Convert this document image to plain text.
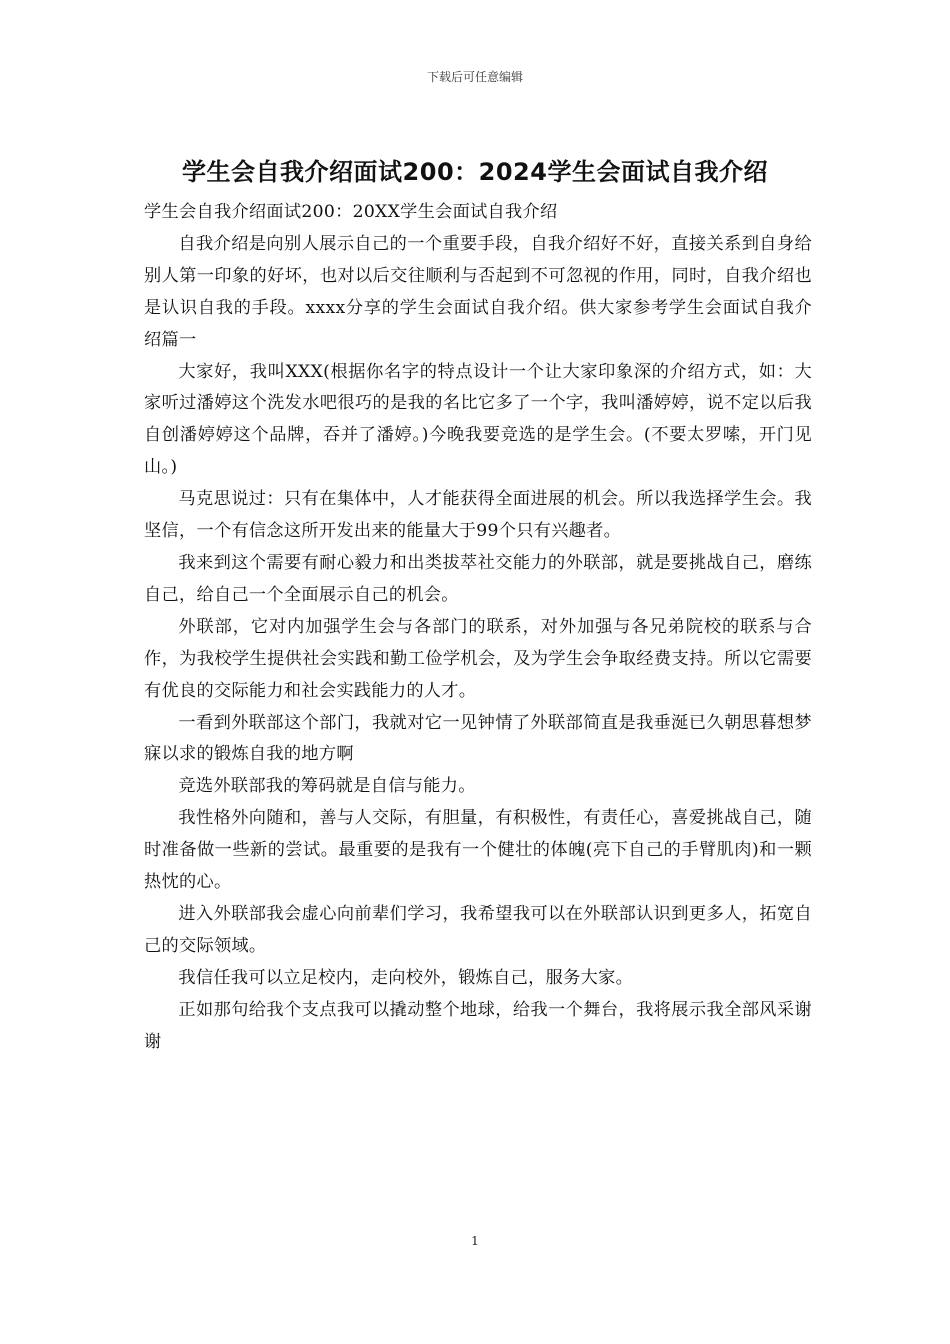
下载后可任意编辑
学生会自我介绍面试200：2024学生会面试自我介绍

学生会自我介绍面试200：20XX学生会面试自我介绍

自我介绍是向别人展示自己的一个重要手段，自我介绍好不好，直接关系到自身给别人第一印象的好坏，也对以后交往顺利与否起到不可忽视的作用，同时，自我介绍也是认识自我的手段。xxxx分享的学生会面试自我介绍。供大家参考学生会面试自我介绍篇一

大家好，我叫XXX(根据你名字的特点设计一个让大家印象深的介绍方式，如：大家听过潘婷这个洗发水吧很巧的是我的名比它多了一个字，我叫潘婷婷，说不定以后我自创潘婷婷这个品牌，吞并了潘婷。)今晚我要竞选的是学生会。(不要太罗嗦，开门见山。)

马克思说过：只有在集体中，人才能获得全面进展的机会。所以我选择学生会。我坚信，一个有信念这所开发出来的能量大于99个只有兴趣者。

我来到这个需要有耐心毅力和出类拔萃社交能力的外联部，就是要挑战自己，磨练自己，给自己一个全面展示自己的机会。

外联部，它对内加强学生会与各部门的联系，对外加强与各兄弟院校的联系与合作，为我校学生提供社会实践和勤工俭学机会，及为学生会争取经费支持。所以它需要有优良的交际能力和社会实践能力的人才。

一看到外联部这个部门，我就对它一见钟情了外联部简直是我垂涎已久朝思暮想梦寐以求的锻炼自我的地方啊

竞选外联部我的筹码就是自信与能力。

我性格外向随和，善与人交际，有胆量，有积极性，有责任心，喜爱挑战自己，随时准备做一些新的尝试。最重要的是我有一个健壮的体魄(亮下自己的手臂肌肉)和一颗热忱的心。

进入外联部我会虚心向前辈们学习，我希望我可以在外联部认识到更多人，拓宽自己的交际领域。

我信任我可以立足校内，走向校外，锻炼自己，服务大家。

正如那句给我个支点我可以撬动整个地球，给我一个舞台，我将展示我全部风采谢谢

1
